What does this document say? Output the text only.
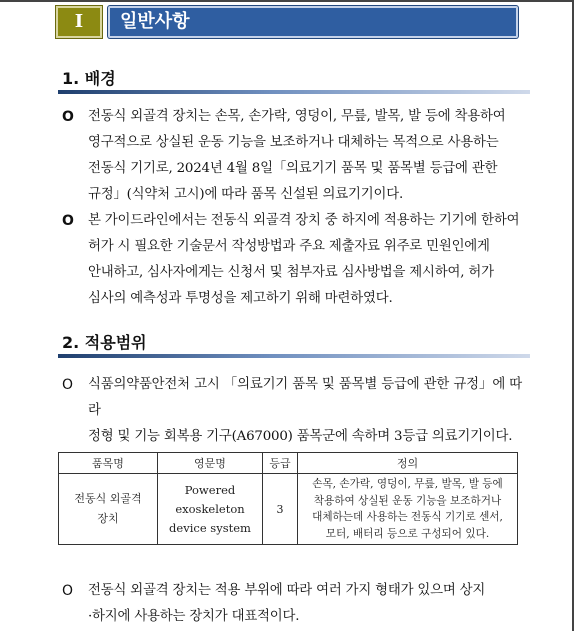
I	일반사항
1. 배경
O	전동식 외골격 장치는 손목, 손가락, 영덩이, 무릎, 발목, 발 등에 착용하여
영구적으로 상실된 운동 기능을 보조하거나 대체하는 목적으로 사용하는
전동식 기기로, 2024년 4월 8일「의료기기 품목 및 품목별 등급에 관한
규정」(식약처 고시)에 따라 품목 신설된 의료기기이다.
O	본 가이드라인에서는 전동식 외골격 장치 중 하지에 적용하는 기기에 한하여
허가 시 필요한 기술문서 작성방법과 주요 제출자료 위주로 민원인에게
안내하고, 심사자에게는 신청서 및 첨부자료 심사방법을 제시하여, 허가
심사의 예측성과 투명성을 제고하기 위해 마련하였다.
2. 적용범위
O	식품의약품안전처 고시 「의료기기 품목 및 품목별 등급에 관한 규정」에 따라
정형 및 기능 회복용 기구(A67000) 품목군에 속하며 3등급 의료기기이다.
품목명	영문명	등급	정의
전동식 외골격 장치	Powered
exoskeleton
device system	3	손목, 손가락, 영덩이, 무릎, 발목, 발 등에
착용하여 상실된 운동 기능을 보조하거나
대체하는데 사용하는 전동식 기기로 센서,
모터, 배터리 등으로 구성되어 있다.
O	전동식 외골격 장치는 적용 부위에 따라 여러 가지 형태가 있으며 상지
·하지에 사용하는 장치가 대표적이다.
